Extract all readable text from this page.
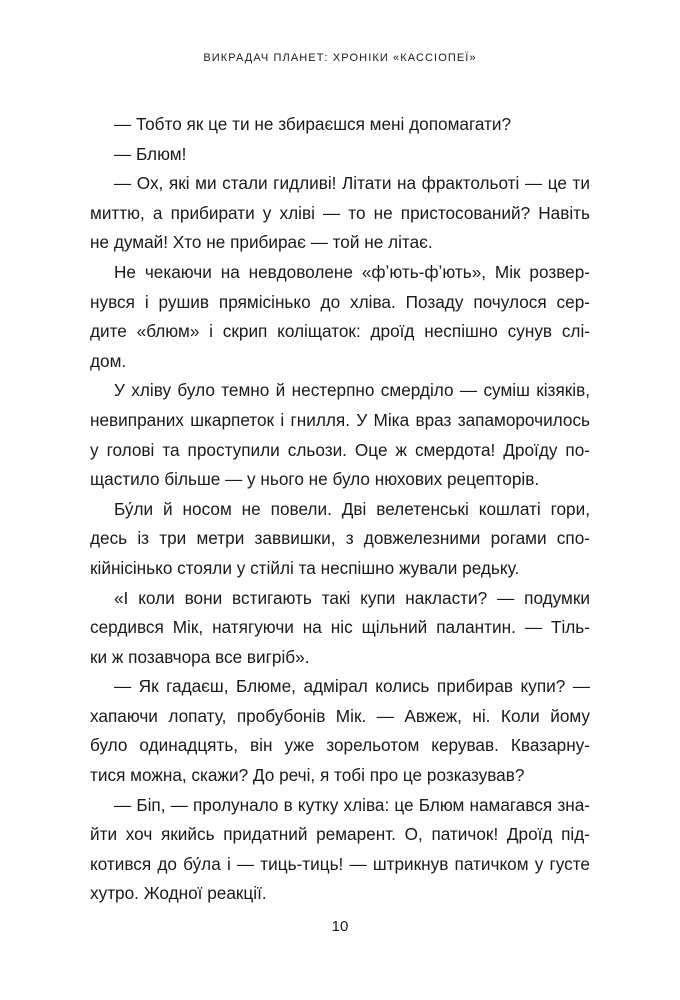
ВИКРАДАЧ ПЛАНЕТ: ХРОНІКИ «КАССІОПЕЇ»
— Тобто як це ти не збираєшся мені допомагати?
— Блюм!
— Ох, які ми стали гидливі! Літати на фрактольоті — це ти
миттю, а прибирати у хліві — то не пристосований? Навіть
не думай! Хто не прибирає — той не літає.
Не чекаючи на невдоволене «фʼють-фʼють», Мік розвер-
нувся і рушив прямісінько до хліва. Позаду почулося сер-
дите «блюм» і скрип коліщаток: дроїд неспішно сунув слі-
дом.
У хліву було темно й нестерпно смерділо — суміш кізяків,
невипраних шкарпеток і гнилля. У Міка враз запаморочилось
у голові та проступили сльози. Оце ж смердота! Дроїду по-
щастило більше — у нього не було нюхових рецепторів.
Бу́ли й носом не повели. Дві велетенські кошлаті гори,
десь із три метри заввишки, з довжелезними рогами спо-
кійнісінько стояли у стійлі та неспішно жували редьку.
«І коли вони встигають такі купи накласти? — подумки
сердився Мік, натягуючи на ніс щільний палантин. — Тіль-
ки ж позавчора все вигріб».
— Як гадаєш, Блюме, адмірал колись прибирав купи? —
хапаючи лопату, пробубонів Мік. — Авжеж, ні. Коли йому
було одинадцять, він уже зорельотом керував. Квазарну-
тися можна, скажи? До речі, я тобі про це розказував?
— Біп, — пролунало в кутку хліва: це Блюм намагався зна-
йти хоч якийсь придатний ремарент. О, патичок! Дроїд під-
котився до бу́ла і — тиць-тиць! — штрикнув патичком у густе
хутро. Жодної реакції.
10
